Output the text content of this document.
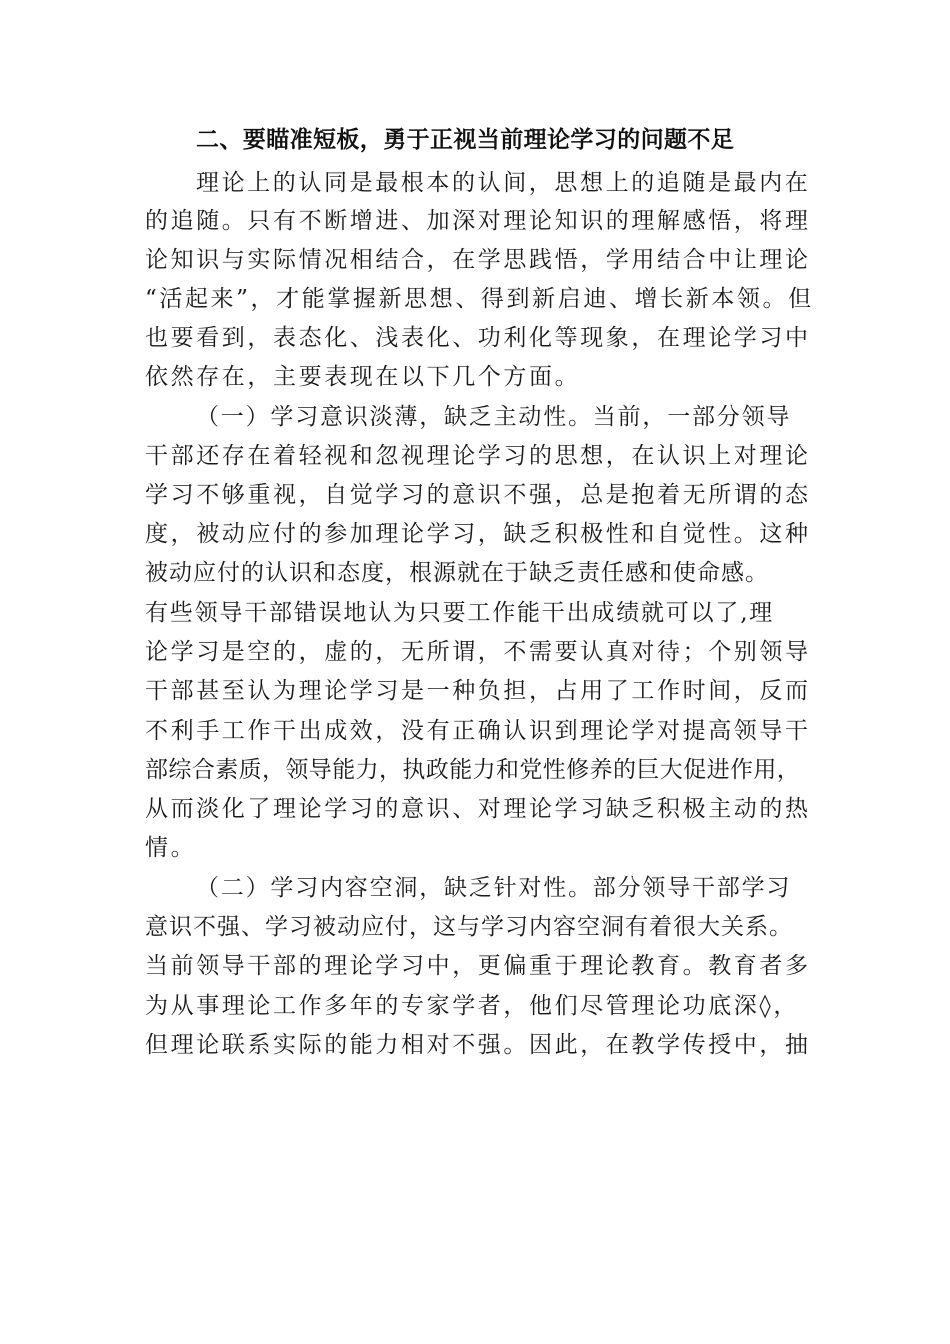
二、要瞄准短板，勇于正视当前理论学习的问题不足
理论上的认同是最根本的认间，思想上的追随是最内在
的追随。只有不断增进、加深对理论知识的理解感悟，将理
论知识与实际情况相结合，在学思践悟，学用结合中让理论
“活起来”，才能掌握新思想、得到新启迪、增长新本领。但
也要看到，表态化、浅表化、功利化等现象，在理论学习中
依然存在，主要表现在以下几个方面。
（一）学习意识淡薄，缺乏主动性。当前，一部分领导
干部还存在着轻视和忽视理论学习的思想，在认识上对理论
学习不够重视，自觉学习的意识不强，总是抱着无所谓的态
度，被动应付的参加理论学习，缺乏积极性和自觉性。这种
被动应付的认识和态度，根源就在于缺乏责任感和使命感。
有些领导干部错误地认为只要工作能干出成绩就可以了,理
论学习是空的，虚的，无所谓，不需要认真对待；个别领导
干部甚至认为理论学习是一种负担，占用了工作时间，反而
不利手工作干出成效，没有正确认识到理论学对提高领导干
部综合素质，领导能力，执政能力和党性修养的巨大促进作用，
从而淡化了理论学习的意识、对理论学习缺乏积极主动的热
情。
（二）学习内容空洞，缺乏针对性。部分领导干部学习
意识不强、学习被动应付，这与学习内容空洞有着很大关系。
当前领导干部的理论学习中，更偏重于理论教育。教育者多
为从事理论工作多年的专家学者，他们尽管理论功底深◊，
但理论联系实际的能力相对不强。因此，在教学传授中，抽
